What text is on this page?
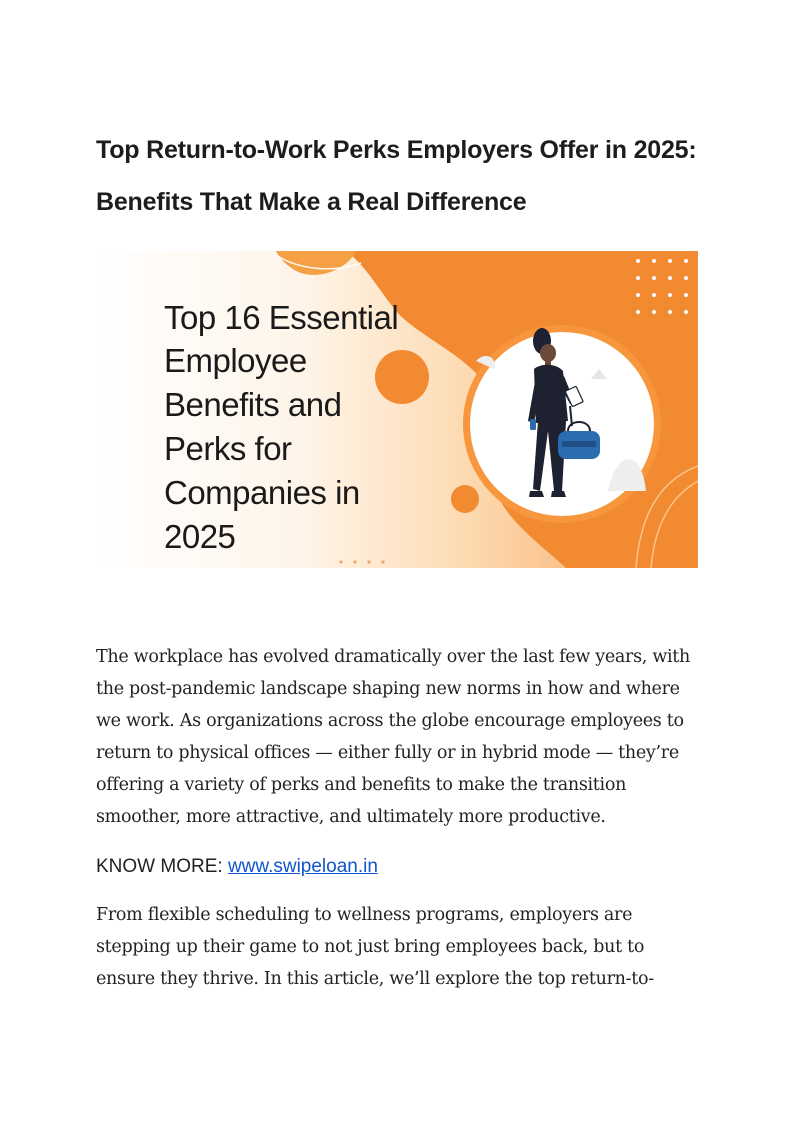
Top Return-to-Work Perks Employers Offer in 2025: Benefits That Make a Real Difference
Top 16 Essential
Employee
Benefits and
Perks for
Companies in
2025

The workplace has evolved dramatically over the last few years, with the post-pandemic landscape shaping new norms in how and where we work. As organizations across the globe encourage employees to return to physical offices — either fully or in hybrid mode — they’re offering a variety of perks and benefits to make the transition smoother, more attractive, and ultimately more productive.

KNOW MORE: www.swipeloan.in

From flexible scheduling to wellness programs, employers are stepping up their game to not just bring employees back, but to ensure they thrive. In this article, we’ll explore the top return-to-
